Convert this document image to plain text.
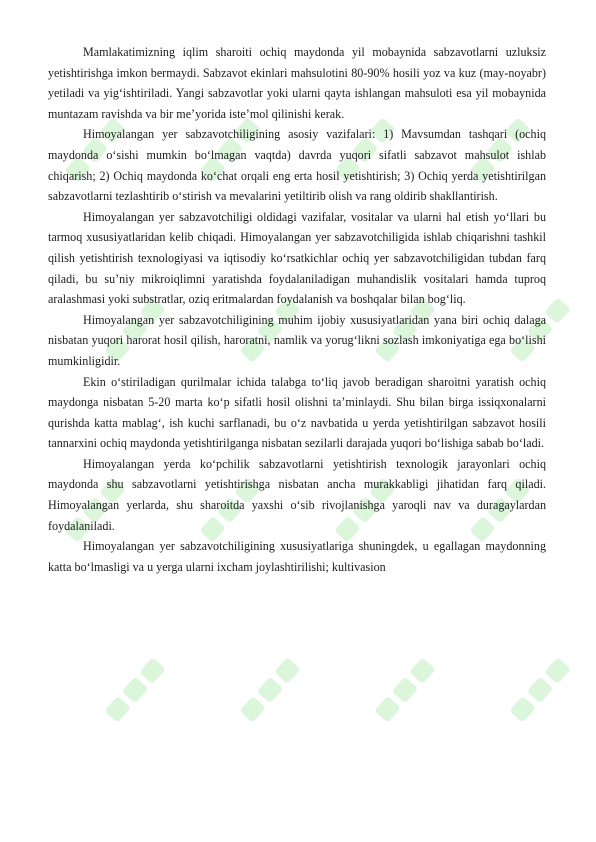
Mamlakatimizning iqlim sharoiti ochiq maydonda yil mobaynida sabzavotlarni uzluksiz yetishtirishga imkon bermaydi. Sabzavot ekinlari mahsulotini 80-90% hosili yoz va kuz (may-noyabr) yetiladi va yig‘ishtiriladi. Yangi sabzavotlar yoki ularni qayta ishlangan mahsuloti esa yil mobaynida muntazam ravishda va bir me’yorida iste’mol qilinishi kerak.

Himoyalangan yer sabzavotchiligining asosiy vazifalari: 1) Mavsumdan tashqari (ochiq maydonda o‘sishi mumkin bo‘lmagan vaqtda) davrda yuqori sifatli sabzavot mahsulot ishlab chiqarish; 2) Ochiq maydonda ko‘chat orqali eng erta hosil yetishtirish; 3) Ochiq yerda yetishtirilgan sabzavotlarni tezlashtirib o‘stirish va mevalarini yetiltirib olish va rang oldirib shakllantirish.

Himoyalangan yer sabzavotchiligi oldidagi vazifalar, vositalar va ularni hal etish yo‘llari bu tarmoq xususiyatlaridan kelib chiqadi. Himoyalangan yer sabzavotchiligida ishlab chiqarishni tashkil qilish yetishtirish texnologiyasi va iqtisodiy ko‘rsatkichlar ochiq yer sabzavotchiligidan tubdan farq qiladi, bu su’niy mikroiqlimni yaratishda foydalaniladigan muhandislik vositalari hamda tuproq aralashmasi yoki substratlar, oziq eritmalardan foydalanish va boshqalar bilan bog‘liq.

Himoyalangan yer sabzavotchiligining muhim ijobiy xususiyatlaridan yana biri ochiq dalaga nisbatan yuqori harorat hosil qilish, haroratni, namlik va yorug‘likni sozlash imkoniyatiga ega bo‘lishi mumkinligidir.

Ekin o‘stiriladigan qurilmalar ichida talabga to‘liq javob beradigan sharoitni yaratish ochiq maydonga nisbatan 5-20 marta ko‘p sifatli hosil olishni ta’minlaydi. Shu bilan birga issiqxonalarni qurishda katta mablag‘, ish kuchi sarflanadi, bu o‘z navbatida u yerda yetishtirilgan sabzavot hosili tannarxini ochiq maydonda yetishtirilganga nisbatan sezilarli darajada yuqori bo‘lishiga sabab bo‘ladi.

Himoyalangan yerda ko‘pchilik sabzavotlarni yetishtirish texnologik jarayonlari ochiq maydonda shu sabzavotlarni yetishtirishga nisbatan ancha murakkabligi jihatidan farq qiladi. Himoyalangan yerlarda, shu sharoitda yaxshi o‘sib rivojlanishga yaroqli nav va duragaylardan foydalaniladi.

Himoyalangan yer sabzavotchiligining xususiyatlariga shuningdek, u egallagan maydonning katta bo‘lmasligi va u yerga ularni ixcham joylashtirilishi; kultivasion
